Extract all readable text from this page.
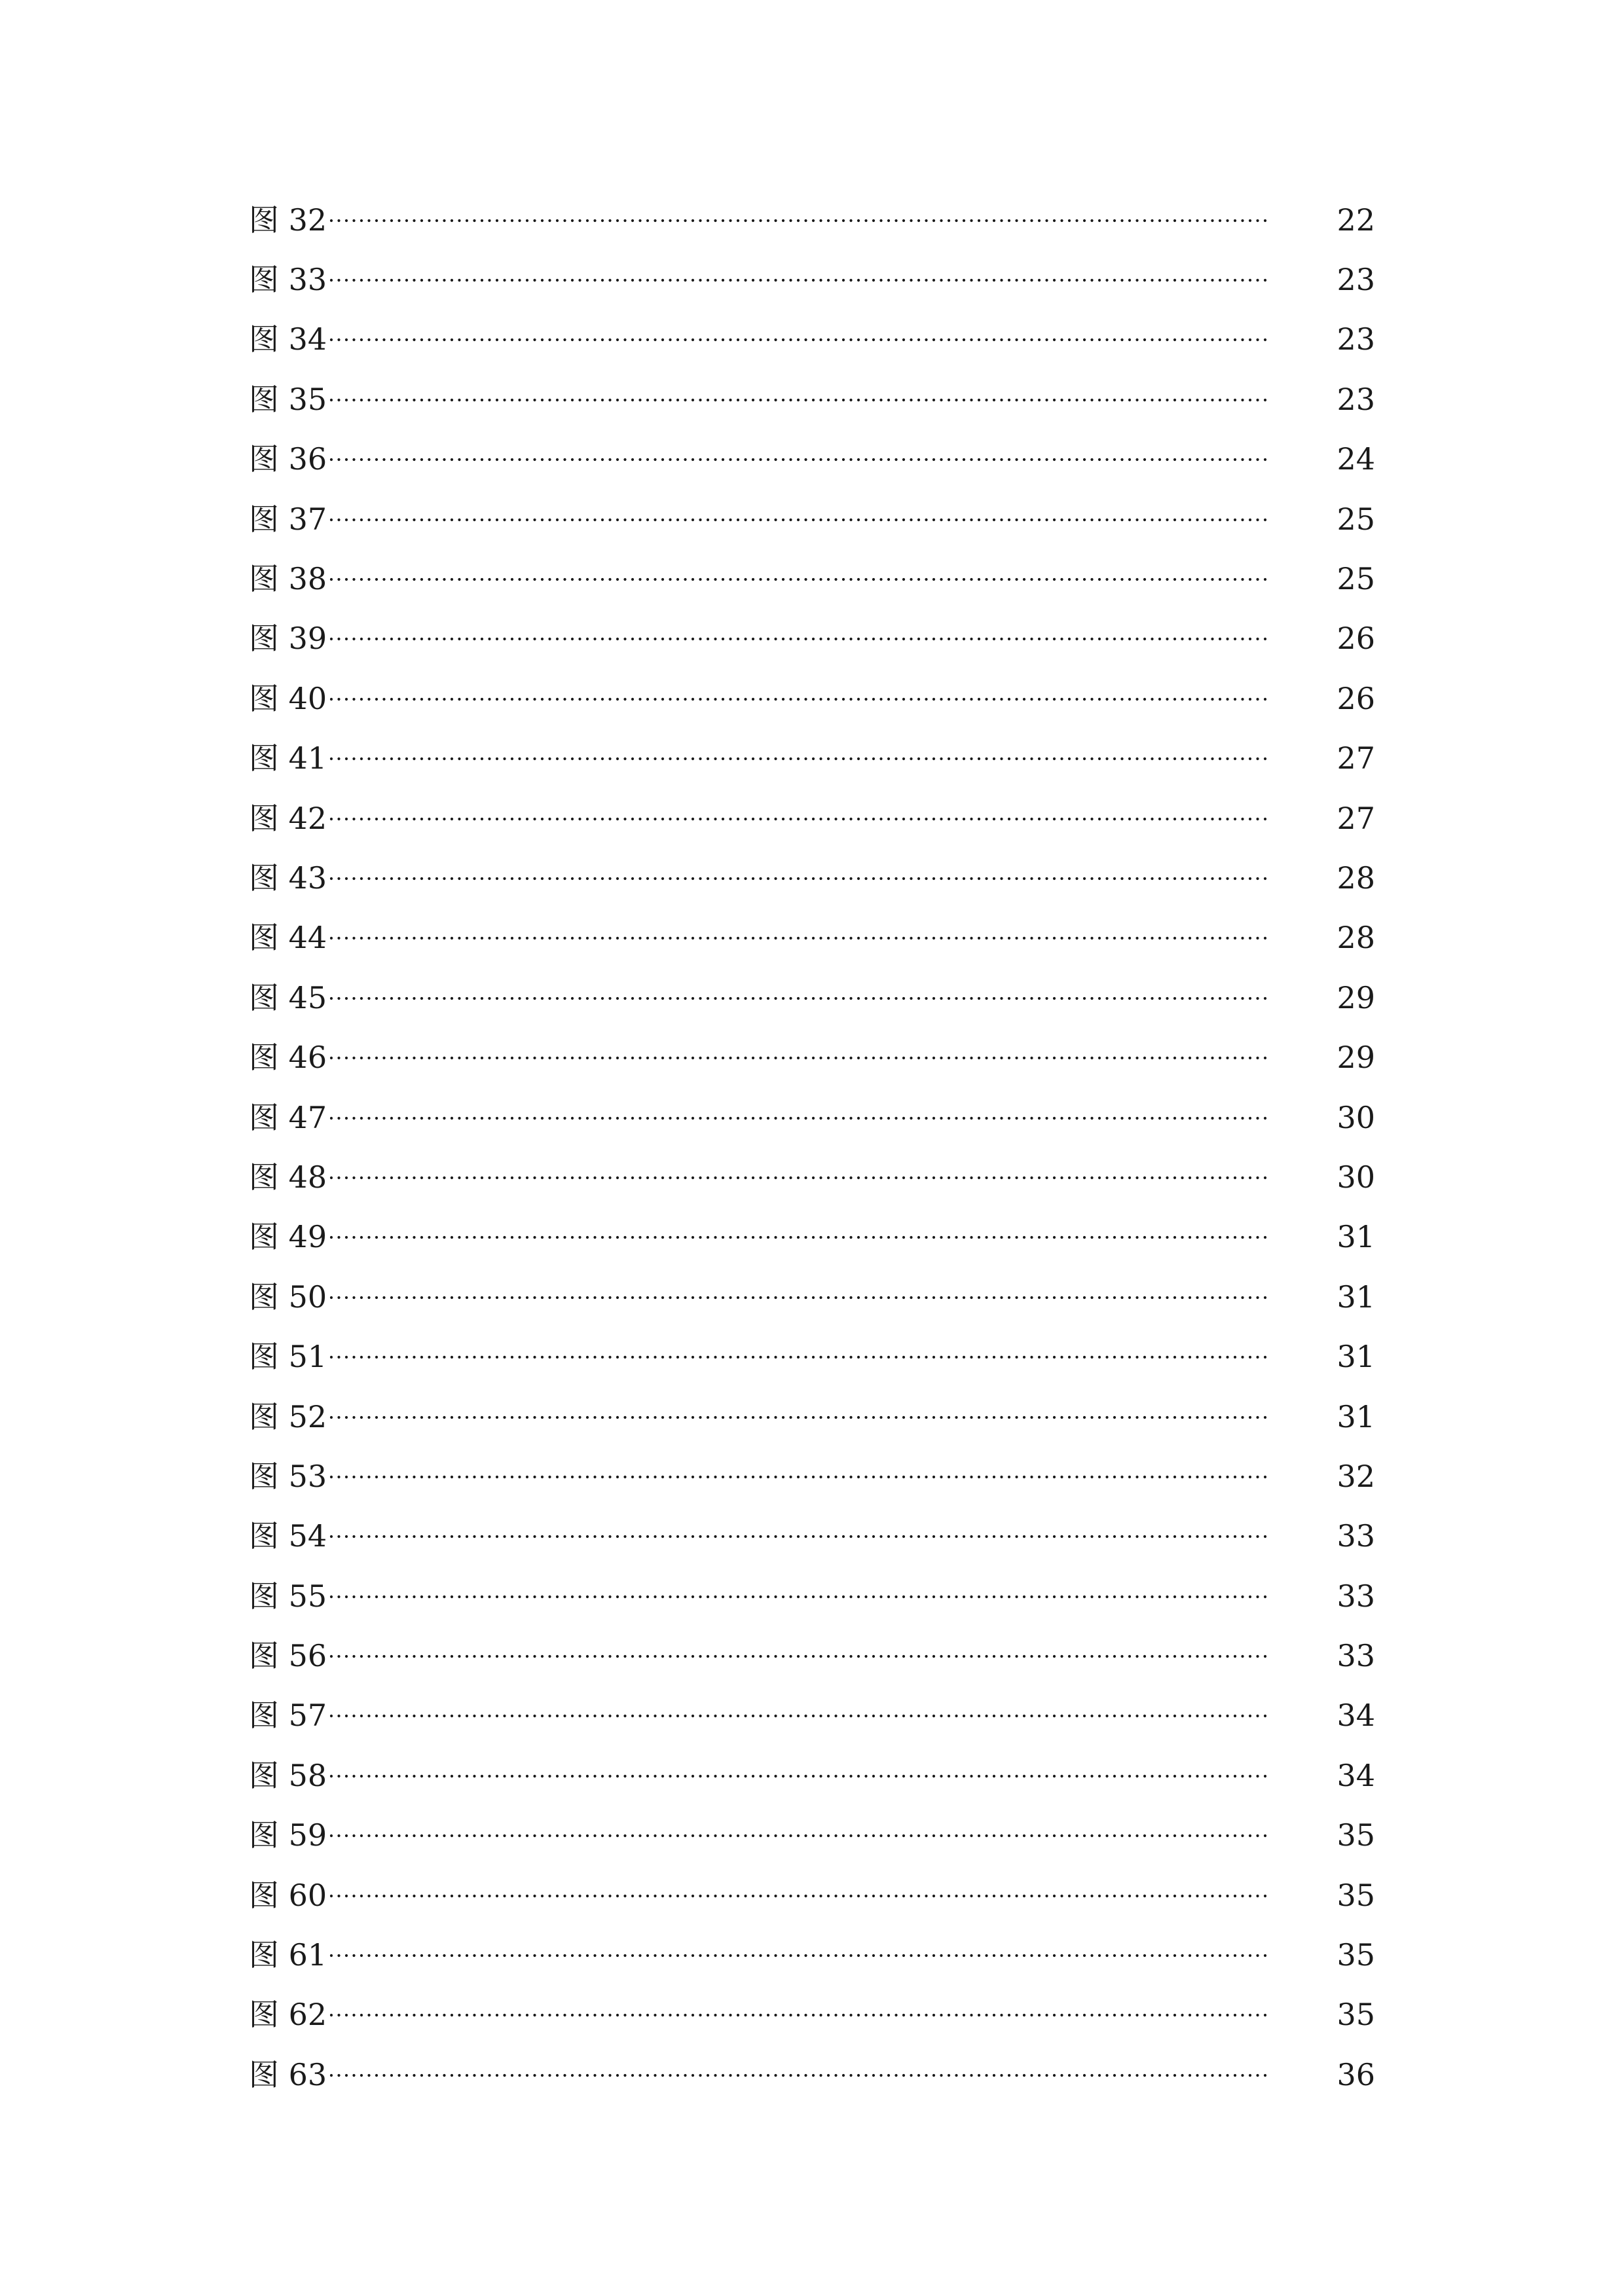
图 32	22
图 33	23
图 34	23
图 35	23
图 36	24
图 37	25
图 38	25
图 39	26
图 40	26
图 41	27
图 42	27
图 43	28
图 44	28
图 45	29
图 46	29
图 47	30
图 48	30
图 49	31
图 50	31
图 51	31
图 52	31
图 53	32
图 54	33
图 55	33
图 56	33
图 57	34
图 58	34
图 59	35
图 60	35
图 61	35
图 62	35
图 63	36
